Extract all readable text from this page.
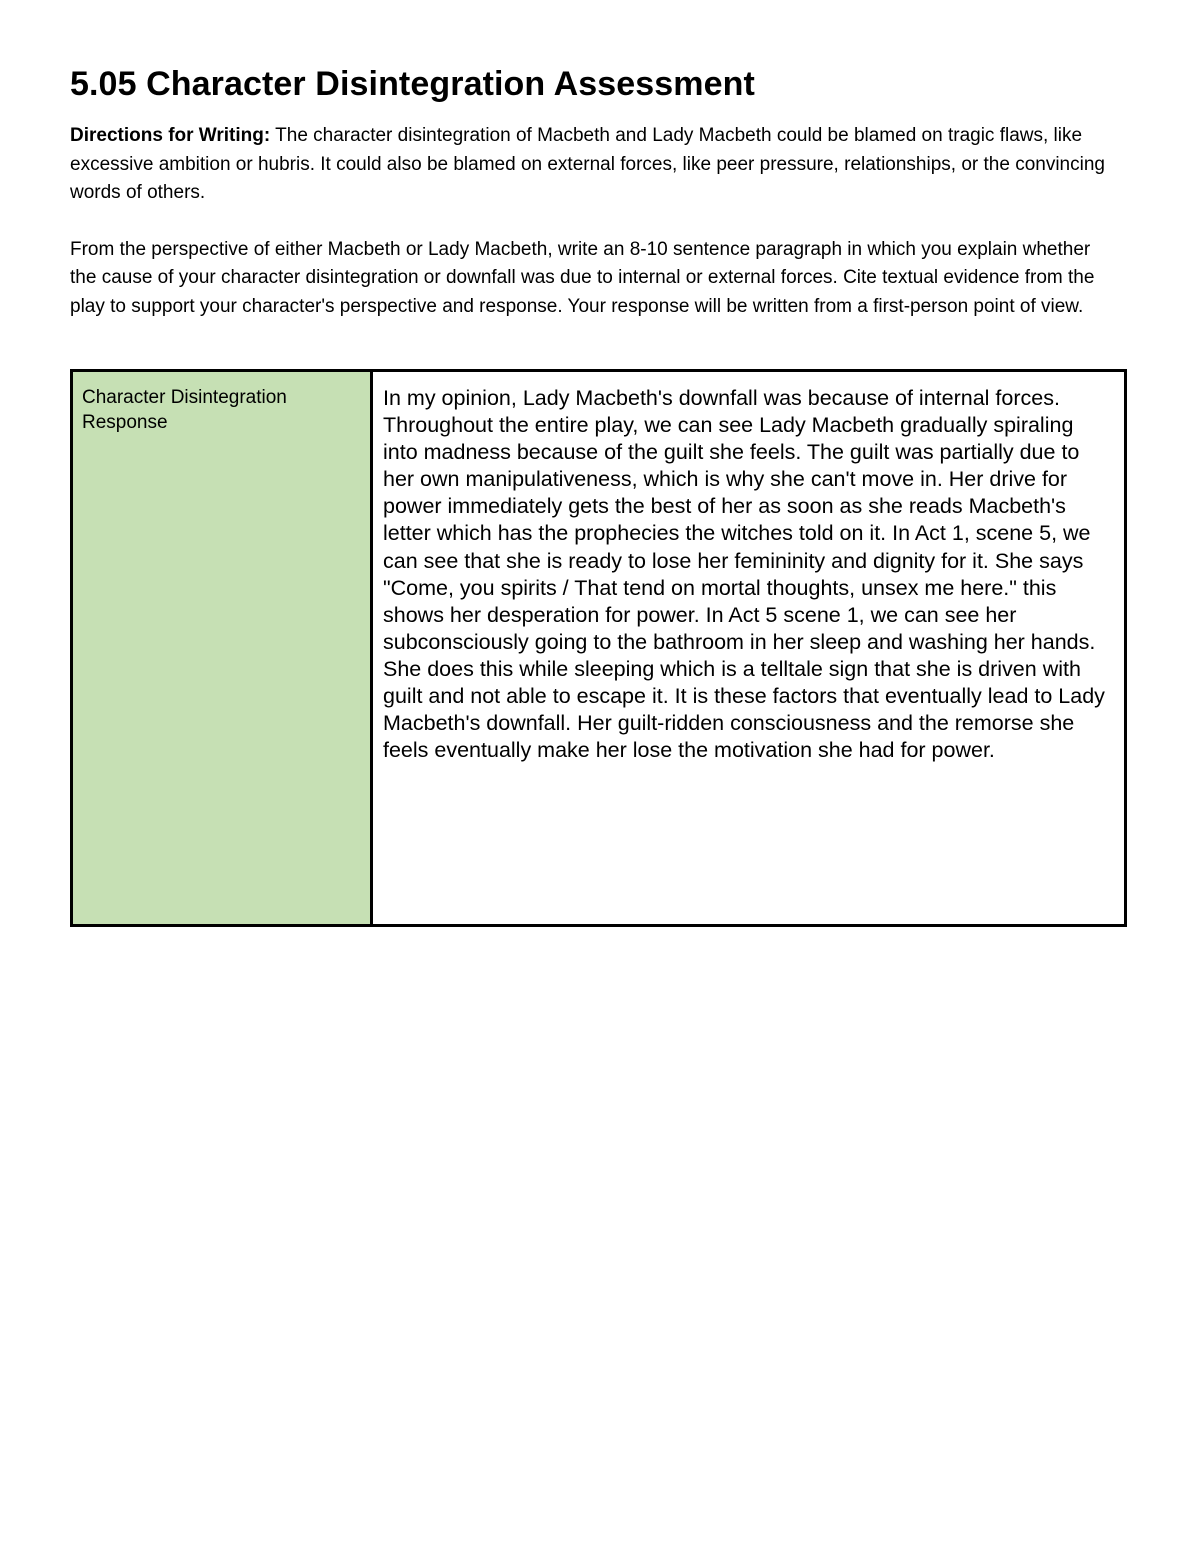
5.05 Character Disintegration Assessment

Directions for Writing: The character disintegration of Macbeth and Lady Macbeth could be blamed on tragic flaws, like excessive ambition or hubris. It could also be blamed on external forces, like peer pressure, relationships, or the convincing words of others.

From the perspective of either Macbeth or Lady Macbeth, write an 8-10 sentence paragraph in which you explain whether the cause of your character disintegration or downfall was due to internal or external forces. Cite textual evidence from the play to support your character's perspective and response. Your response will be written from a first-person point of view.

Character Disintegration Response	In my opinion, Lady Macbeth's downfall was because of internal forces. Throughout the entire play, we can see Lady Macbeth gradually spiraling into madness because of the guilt she feels. The guilt was partially due to her own manipulativeness, which is why she can't move in. Her drive for power immediately gets the best of her as soon as she reads Macbeth's letter which has the prophecies the witches told on it. In Act 1, scene 5, we can see that she is ready to lose her femininity and dignity for it. She says "Come, you spirits / That tend on mortal thoughts, unsex me here." this shows her desperation for power. In Act 5 scene 1, we can see her subconsciously going to the bathroom in her sleep and washing her hands. She does this while sleeping which is a telltale sign that she is driven with guilt and not able to escape it. It is these factors that eventually lead to Lady Macbeth's downfall. Her guilt-ridden consciousness and the remorse she feels eventually make her lose the motivation she had for power.
